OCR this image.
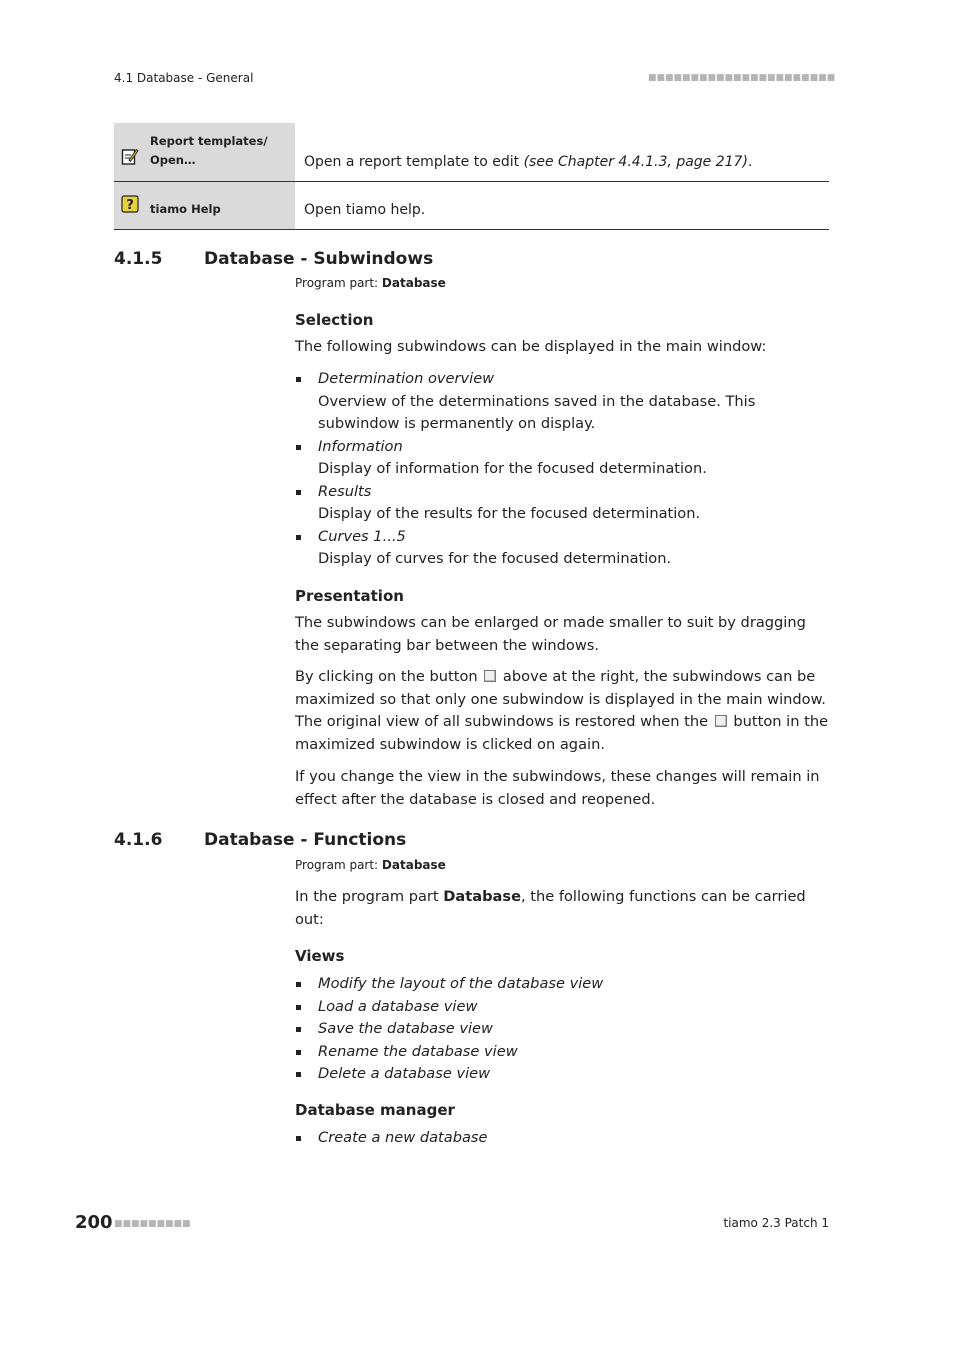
4.1 Database - General	■■■■■■■■■■■■■■■■■■■■■■
Report templates/ Open…	Open a report template to edit (see Chapter 4.4.1.3, page 217).
? tiamo Help	Open tiamo help.
4.1.5 Database - Subwindows
Program part: Database
Selection

The following subwindows can be displayed in the main window:

Determination overview
Overview of the determinations saved in the database. This subwindow is permanently on display.
Information
Display of information for the focused determination.
Results
Display of the results for the focused determination.
Curves 1...5
Display of curves for the focused determination.
Presentation

The subwindows can be enlarged or made smaller to suit by dragging the separating bar between the windows.

By clicking on the button  above at the right, the subwindows can be maximized so that only one subwindow is displayed in the main window. The original view of all subwindows is restored when the  button in the maximized subwindow is clicked on again.

If you change the view in the subwindows, these changes will remain in effect after the database is closed and reopened.

4.1.6 Database - Functions
Program part: Database

In the program part Database, the following functions can be carried out:

Views
Modify the layout of the database view
Load a database view
Save the database view
Rename the database view
Delete a database view
Database manager
Create a new database
200 ■■■■■■■■■	tiamo 2.3 Patch 1
